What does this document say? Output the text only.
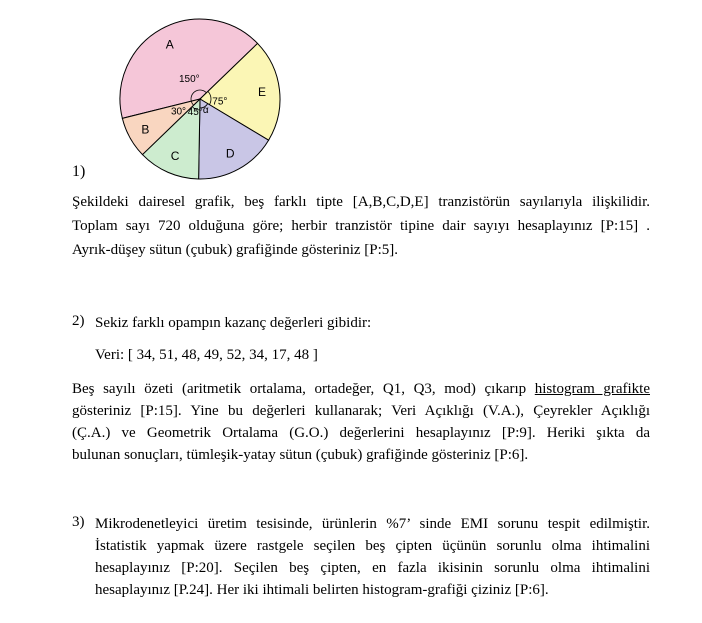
A
E
D
C
B
150°
30° 45°
75°
α
1)
Şekildeki dairesel grafik, beş farklı tipte [A,B,C,D,E] tranzistörün sayılarıyla ilişkilidir.
Toplam sayı 720 olduğuna göre; herbir tranzistör tipine dair sayıyı hesaplayınız [P:15] .
Ayrık-düşey sütun (çubuk) grafiğinde gösteriniz [P:5].
2) Sekiz farklı opampın kazanç değerleri gibidir:
Veri: [ 34, 51, 48, 49, 52, 34, 17, 48 ]
Beş sayılı özeti (aritmetik ortalama, ortadeğer, Q1, Q3, mod) çıkarıp histogram grafikte
gösteriniz [P:15]. Yine bu değerleri kullanarak; Veri Açıklığı (V.A.), Çeyrekler Açıklığı
(Ç.A.) ve Geometrik Ortalama (G.O.) değerlerini hesaplayınız [P:9]. Heriki şıkta da
bulunan sonuçları, tümleşik-yatay sütun (çubuk) grafiğinde gösteriniz [P:6].
3) Mikrodenetleyici üretim tesisinde, ürünlerin %7’ sinde EMI sorunu tespit edilmiştir.
İstatistik yapmak üzere rastgele seçilen beş çipten üçünün sorunlu olma ihtimalini
hesaplayınız [P:20]. Seçilen beş çipten, en fazla ikisinin sorunlu olma ihtimalini
hesaplayınız [P.24]. Her iki ihtimali belirten histogram-grafiği çiziniz [P:6].
